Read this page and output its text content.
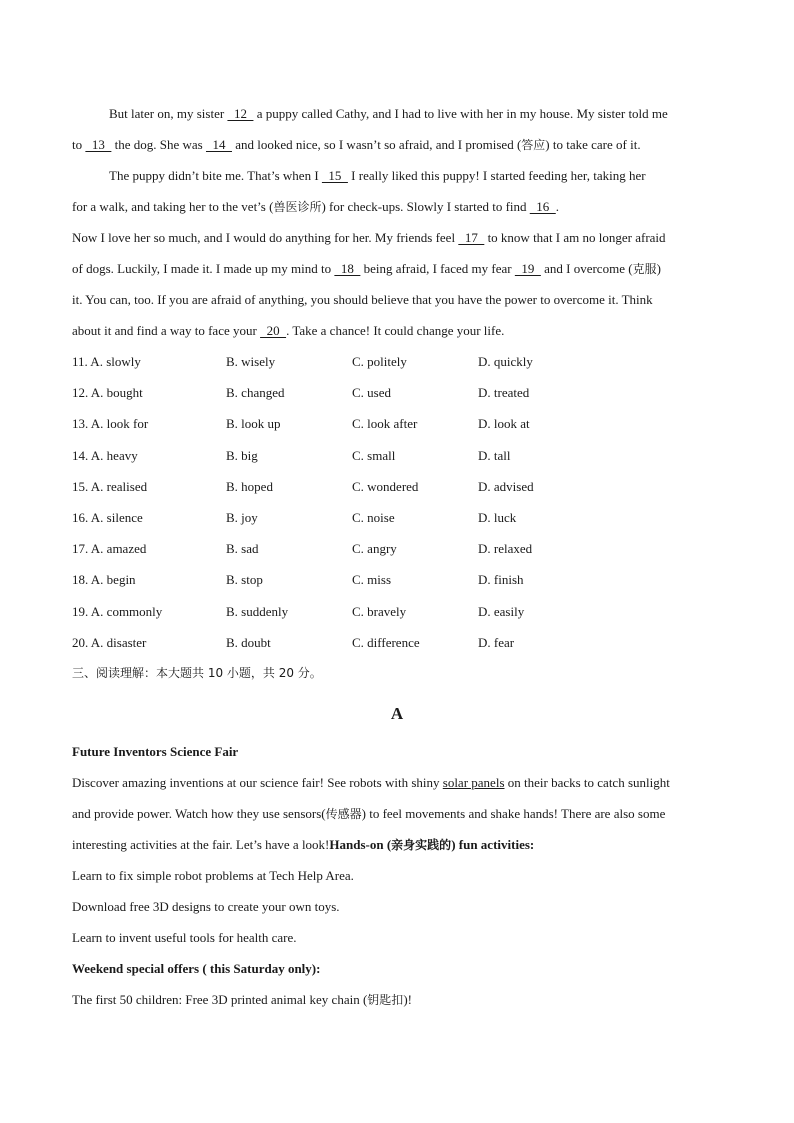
But later on, my sister   12   a puppy called Cathy, and I had to live with her in my house. My sister told me
to   13   the dog. She was   14   and looked nice, so I wasn’t so afraid, and I promised (答应) to take care of it.
The puppy didn’t bite me. That’s when I   15   I really liked this puppy! I started feeding her, taking her
for a walk, and taking her to the vet’s (兽医诊所) for check-ups. Slowly I started to find   16  .
Now I love her so much, and I would do anything for her. My friends feel   17   to know that I am no longer afraid
of dogs. Luckily, I made it. I made up my mind to   18   being afraid, I faced my fear   19   and I overcome (克服)
it. You can, too. If you are afraid of anything, you should believe that you have the power to overcome it. Think
about it and find a way to face your   20  . Take a chance! It could change your life.
11. A. slowly	B. wisely	C. politely	D. quickly
12. A. bought	B. changed	C. used	D. treated
13. A. look for	B. look up	C. look after	D. look at
14. A. heavy	B. big	C. small	D. tall
15. A. realised	B. hoped	C. wondered	D. advised
16. A. silence	B. joy	C. noise	D. luck
17. A. amazed	B. sad	C. angry	D. relaxed
18. A. begin	B. stop	C. miss	D. finish
19. A. commonly	B. suddenly	C. bravely	D. easily
20. A. disaster	B. doubt	C. difference	D. fear
三、阅读理解：本大题共 10 小题，共 20 分。
A
Future Inventors Science Fair
Discover amazing inventions at our science fair! See robots with shiny solar panels on their backs to catch sunlight
and provide power. Watch how they use sensors(传感器) to feel movements and shake hands! There are also some
interesting activities at the fair. Let’s have a look!Hands-on (亲身实践的) fun activities:
Learn to fix simple robot problems at Tech Help Area.
Download free 3D designs to create your own toys.
Learn to invent useful tools for health care.
Weekend special offers ( this Saturday only):
The first 50 children: Free 3D printed animal key chain (钥匙扣)!
